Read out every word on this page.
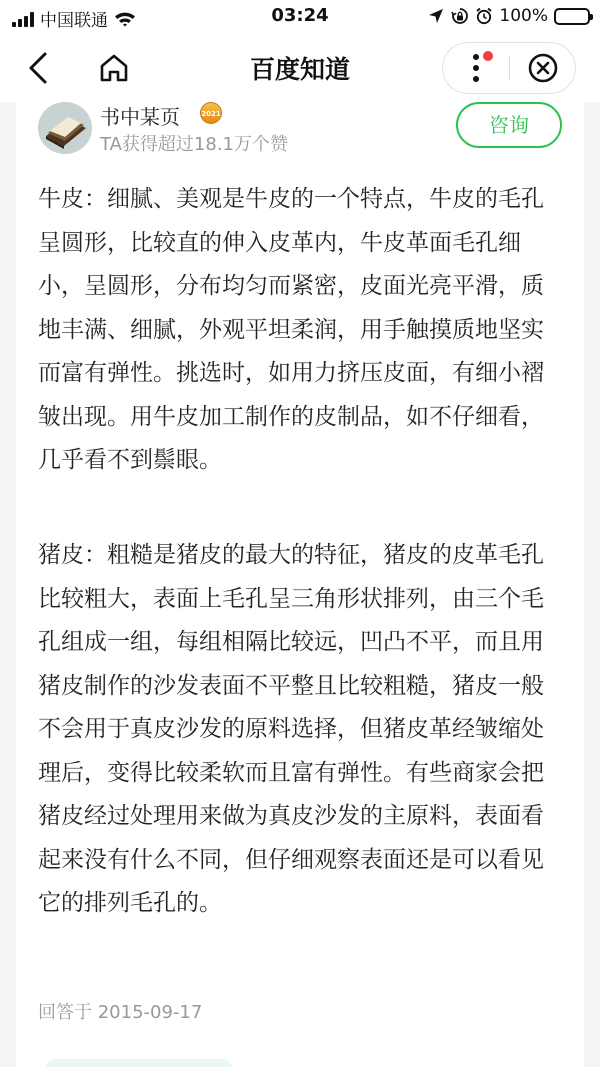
中国联通	03:24	100%
百度知道
书中某页	2021
TA获得超过18.1万个赞
咨询

牛皮：细腻、美观是牛皮的一个特点，牛皮的毛孔呈圆形，比较直的伸入皮革内，牛皮革面毛孔细小，呈圆形，分布均匀而紧密，皮面光亮平滑，质地丰满、细腻，外观平坦柔润，用手触摸质地坚实而富有弹性。挑选时，如用力挤压皮面，有细小褶皱出现。用牛皮加工制作的皮制品，如不仔细看，几乎看不到鬃眼。

猪皮：粗糙是猪皮的最大的特征，猪皮的皮革毛孔比较粗大，表面上毛孔呈三角形状排列，由三个毛孔组成一组，每组相隔比较远，凹凸不平，而且用猪皮制作的沙发表面不平整且比较粗糙，猪皮一般不会用于真皮沙发的原料选择，但猪皮革经皱缩处理后，变得比较柔软而且富有弹性。有些商家会把猪皮经过处理用来做为真皮沙发的主原料，表面看起来没有什么不同，但仔细观察表面还是可以看见它的排列毛孔的。

回答于 2015-09-17
